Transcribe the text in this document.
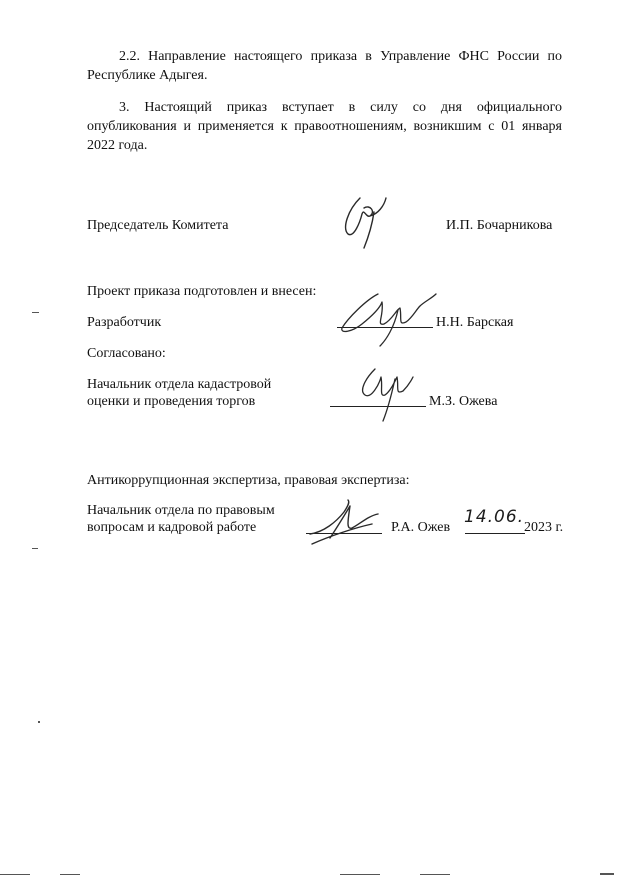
2.2. Направление настоящего приказа в Управление ФНС России по
Республике Адыгея.
3. Настоящий приказ вступает в силу со дня официального
опубликования и применяется к правоотношениям, возникшим с 01 января
2022 года.
Председатель Комитета	И.П. Бочарникова
Проект приказа подготовлен и внесен:
Разработчик	Н.Н. Барская
Согласовано:
Начальник отдела кадастровой
оценки и проведения торгов	М.З. Ожева
Антикоррупционная экспертиза, правовая экспертиза:
Начальник отдела по правовым
вопросам и кадровой работе	Р.А. Ожев
14.06.
2023 г.
